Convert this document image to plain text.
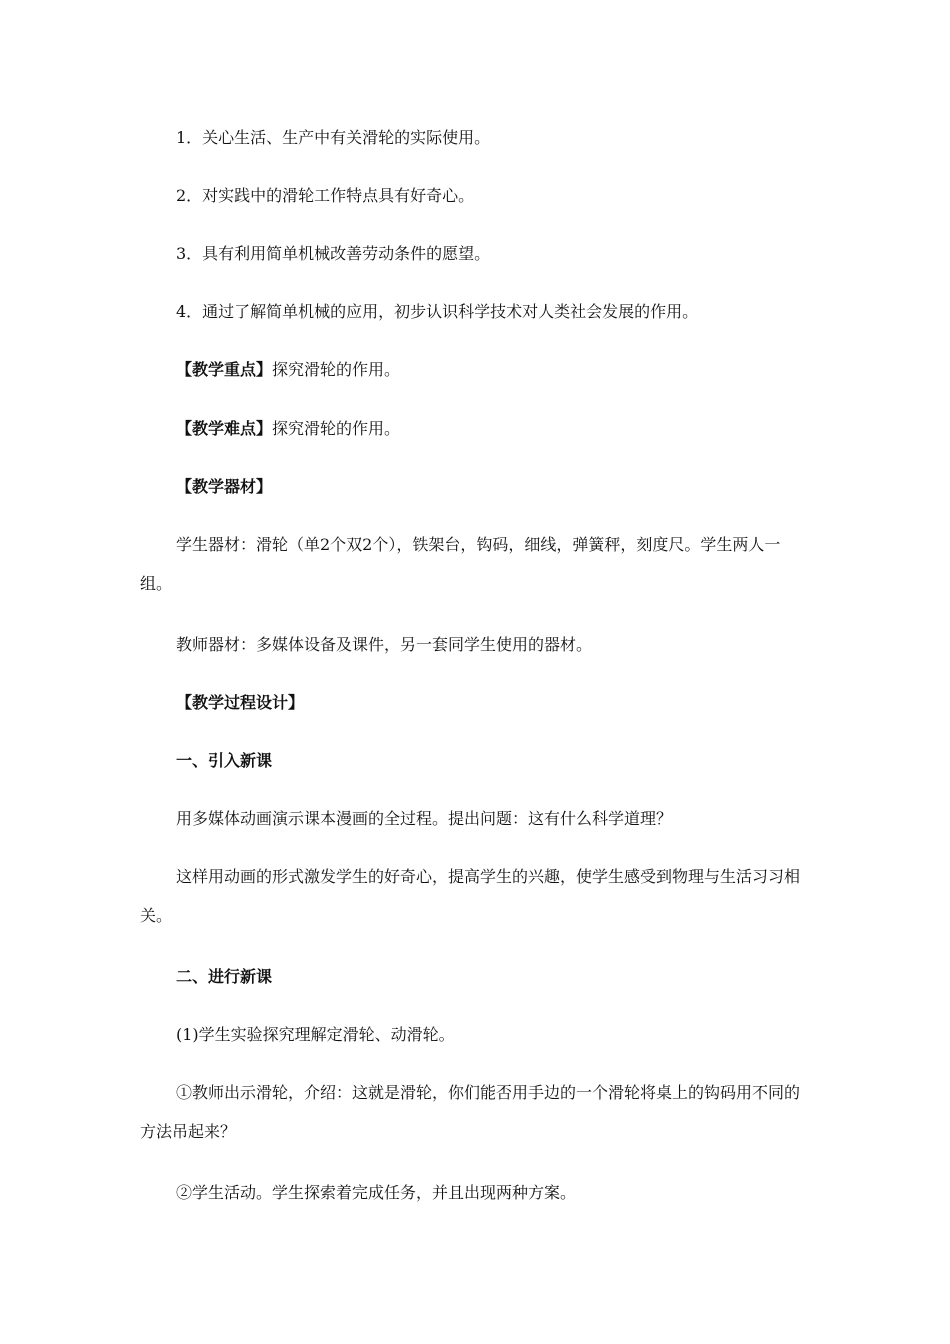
1．关心生活、生产中有关滑轮的实际使用。
2．对实践中的滑轮工作特点具有好奇心。
3．具有利用简单机械改善劳动条件的愿望。
4．通过了解简单机械的应用，初步认识科学技术对人类社会发展的作用。
【教学重点】探究滑轮的作用。
【教学难点】探究滑轮的作用。
【教学器材】
学生器材：滑轮（单2个双2个），铁架台，钩码，细线，弹簧秤，刻度尺。学生两人一组。
教师器材：多媒体设备及课件，另一套同学生使用的器材。
【教学过程设计】
一、引入新课
用多媒体动画演示课本漫画的全过程。提出问题：这有什么科学道理？
这样用动画的形式激发学生的好奇心，提高学生的兴趣，使学生感受到物理与生活习习相关。
二、进行新课
(1)学生实验探究理解定滑轮、动滑轮。
①教师出示滑轮，介绍：这就是滑轮，你们能否用手边的一个滑轮将桌上的钩码用不同的方法吊起来？
②学生活动。学生探索着完成任务，并且出现两种方案。
